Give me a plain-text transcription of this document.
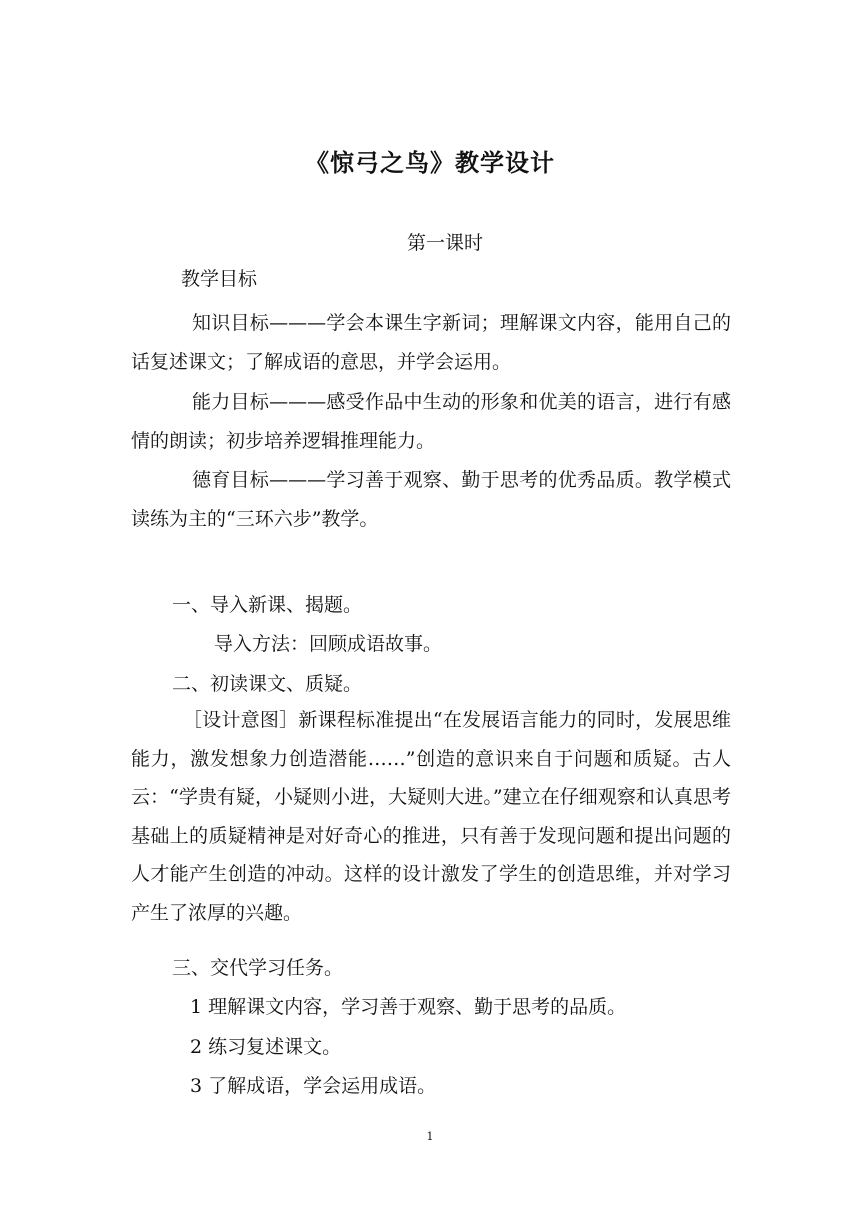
《惊弓之鸟》教学设计
第一课时
教学目标

知识目标———学会本课生字新词；理解课文内容，能用自己的话复述课文；了解成语的意思，并学会运用。

能力目标———感受作品中生动的形象和优美的语言，进行有感情的朗读；初步培养逻辑推理能力。

德育目标———学习善于观察、勤于思考的优秀品质。教学模式读练为主的“三环六步”教学。

一、导入新课、揭题。
导入方法：回顾成语故事。
二、初读课文、质疑。

［设计意图］新课程标准提出“在发展语言能力的同时，发展思维能力，激发想象力创造潜能……”创造的意识来自于问题和质疑。古人云：“学贵有疑，小疑则小进，大疑则大进。”建立在仔细观察和认真思考基础上的质疑精神是对好奇心的推进，只有善于发现问题和提出问题的人才能产生创造的冲动。这样的设计激发了学生的创造思维，并对学习产生了浓厚的兴趣。

三、交代学习任务。
1 理解课文内容，学习善于观察、勤于思考的品质。
2 练习复述课文。
3 了解成语，学会运用成语。
1
